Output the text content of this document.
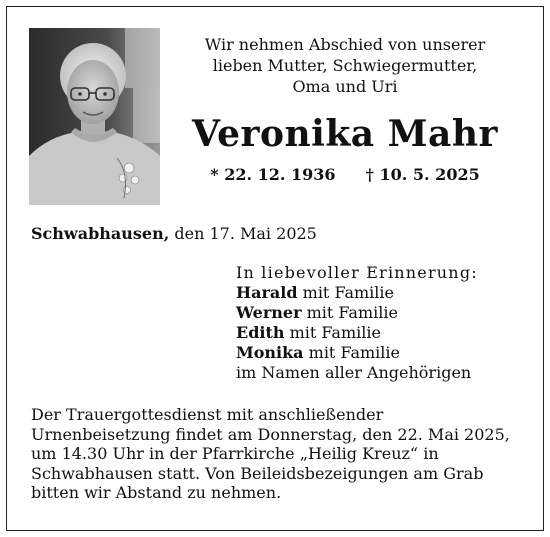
Wir nehmen Abschied von unserer
lieben Mutter, Schwiegermutter,
Oma und Uri
Veronika Mahr
* 22. 12. 1936 † 10. 5. 2025
Schwabhausen, den 17. Mai 2025
In liebevoller Erinnerung:
Harald mit Familie
Werner mit Familie
Edith mit Familie
Monika mit Familie
im Namen aller Angehörigen
Der Trauergottesdienst mit anschließender
Urnenbeisetzung findet am Donnerstag, den 22. Mai 2025,
um 14.30 Uhr in der Pfarrkirche „Heilig Kreuz“ in
Schwabhausen statt. Von Beileidsbezeigungen am Grab
bitten wir Abstand zu nehmen.
